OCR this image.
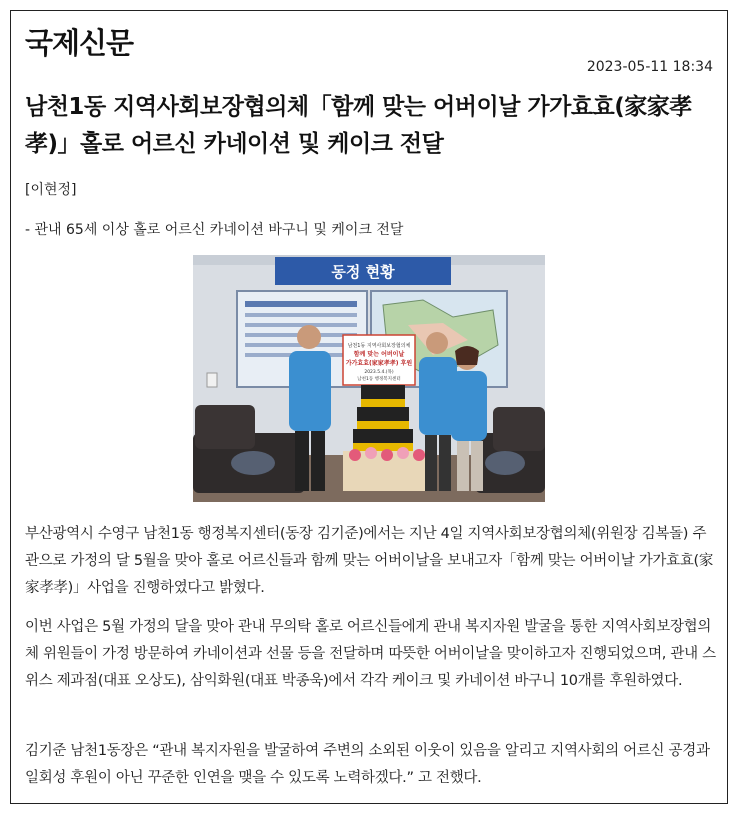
국제신문
2023-05-11 18:34
남천1동 지역사회보장협의체「함께 맞는 어버이날 가가효효(家家孝孝)」홀로 어르신 카네이션 및 케이크 전달
[이현정]
- 관내 65세 이상 홀로 어르신 카네이션 바구니 및 케이크 전달
동정 현황
남천1동 지역사회보장협의체
함께 맞는 어버이날
가가효효(家家孝孝) 후원
2023.5.4.(목)
남천1동 행정복지센터
부산광역시 수영구 남천1동 행정복지센터(동장 김기준)에서는 지난 4일 지역사회보장협의체(위원장 김복돌) 주관으로 가정의 달 5월을 맞아 홀로 어르신들과 함께 맞는 어버이날을 보내고자「함께 맞는 어버이날 가가효효(家家孝孝)」사업을 진행하였다고 밝혔다.
이번 사업은 5월 가정의 달을 맞아 관내 무의탁 홀로 어르신들에게 관내 복지자원 발굴을 통한 지역사회보장협의체 위원들이 가정 방문하여 카네이션과 선물 등을 전달하며 따뜻한 어버이날을 맞이하고자 진행되었으며, 관내 스위스 제과점(대표 오상도), 삼익화원(대표 박종욱)에서 각각 케이크 및 카네이션 바구니 10개를 후원하였다.
김기준 남천1동장은 “관내 복지자원을 발굴하여 주변의 소외된 이웃이 있음을 알리고 지역사회의 어르신 공경과 일회성 후원이 아닌 꾸준한 인연을 맺을 수 있도록 노력하겠다.” 고 전했다.
